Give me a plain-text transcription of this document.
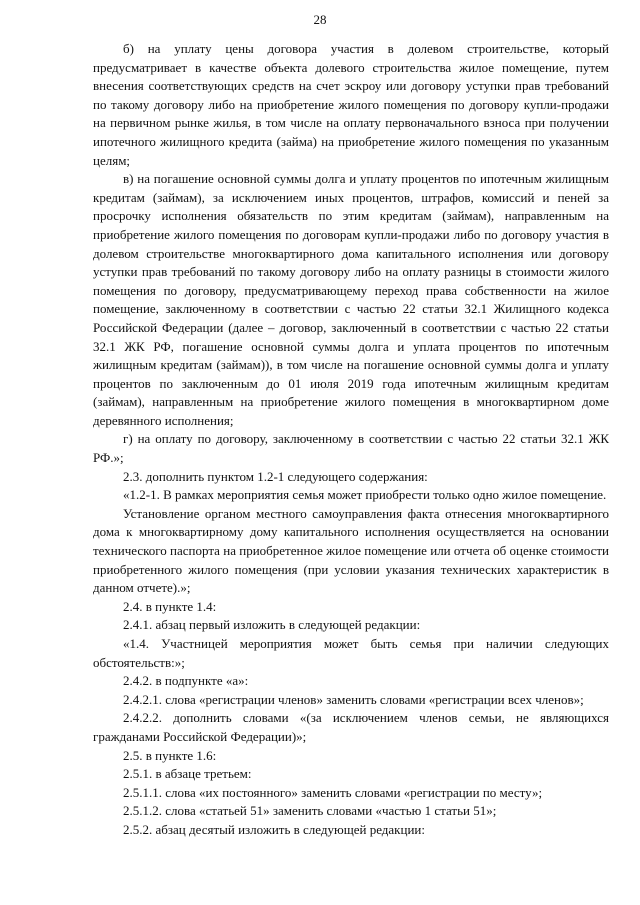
28

б) на уплату цены договора участия в долевом строительстве, который предусматривает в качестве объекта долевого строительства жилое помещение, путем внесения соответствующих средств на счет эскроу или договору уступки прав требований по такому договору либо на приобретение жилого помещения по договору купли-продажи на первичном рынке жилья, в том числе на оплату первоначального взноса при получении ипотечного жилищного кредита (займа) на приобретение жилого помещения по указанным целям;

в) на погашение основной суммы долга и уплату процентов по ипотечным жилищным кредитам (займам), за исключением иных процентов, штрафов, комиссий и пеней за просрочку исполнения обязательств по этим кредитам (займам), направленным на приобретение жилого помещения по договорам купли-продажи либо по договору участия в долевом строительстве многоквартирного дома капитального исполнения или договору уступки прав требований по такому договору либо на оплату разницы в стоимости жилого помещения по договору, предусматривающему переход права собственности на жилое помещение, заключенному в соответствии с частью 22 статьи 32.1 Жилищного кодекса Российской Федерации (далее – договор, заключенный в соответствии с частью 22 статьи 32.1 ЖК РФ, погашение основной суммы долга и уплата процентов по ипотечным жилищным кредитам (займам)), в том числе на погашение основной суммы долга и уплату процентов по заключенным до 01 июля 2019 года ипотечным жилищным кредитам (займам), направленным на приобретение жилого помещения в многоквартирном доме деревянного исполнения;

г) на оплату по договору, заключенному в соответствии с частью 22 статьи 32.1 ЖК РФ.»;

2.3. дополнить пунктом 1.2-1 следующего содержания:

«1.2-1. В рамках мероприятия семья может приобрести только одно жилое помещение.

Установление органом местного самоуправления факта отнесения многоквартирного дома к многоквартирному дому капитального исполнения осуществляется на основании технического паспорта на приобретенное жилое помещение или отчета об оценке стоимости приобретенного жилого помещения (при условии указания технических характеристик в данном отчете).»;

2.4. в пункте 1.4:

2.4.1. абзац первый изложить в следующей редакции:

«1.4. Участницей мероприятия может быть семья при наличии следующих обстоятельств:»;

2.4.2. в подпункте «а»:

2.4.2.1. слова «регистрации членов» заменить словами «регистрации всех членов»;

2.4.2.2. дополнить словами «(за исключением членов семьи, не являющихся гражданами Российской Федерации)»;

2.5. в пункте 1.6:

2.5.1. в абзаце третьем:

2.5.1.1. слова «их постоянного» заменить словами «регистрации по месту»;

2.5.1.2. слова «статьей 51» заменить словами «частью 1 статьи 51»;

2.5.2. абзац десятый изложить в следующей редакции:
